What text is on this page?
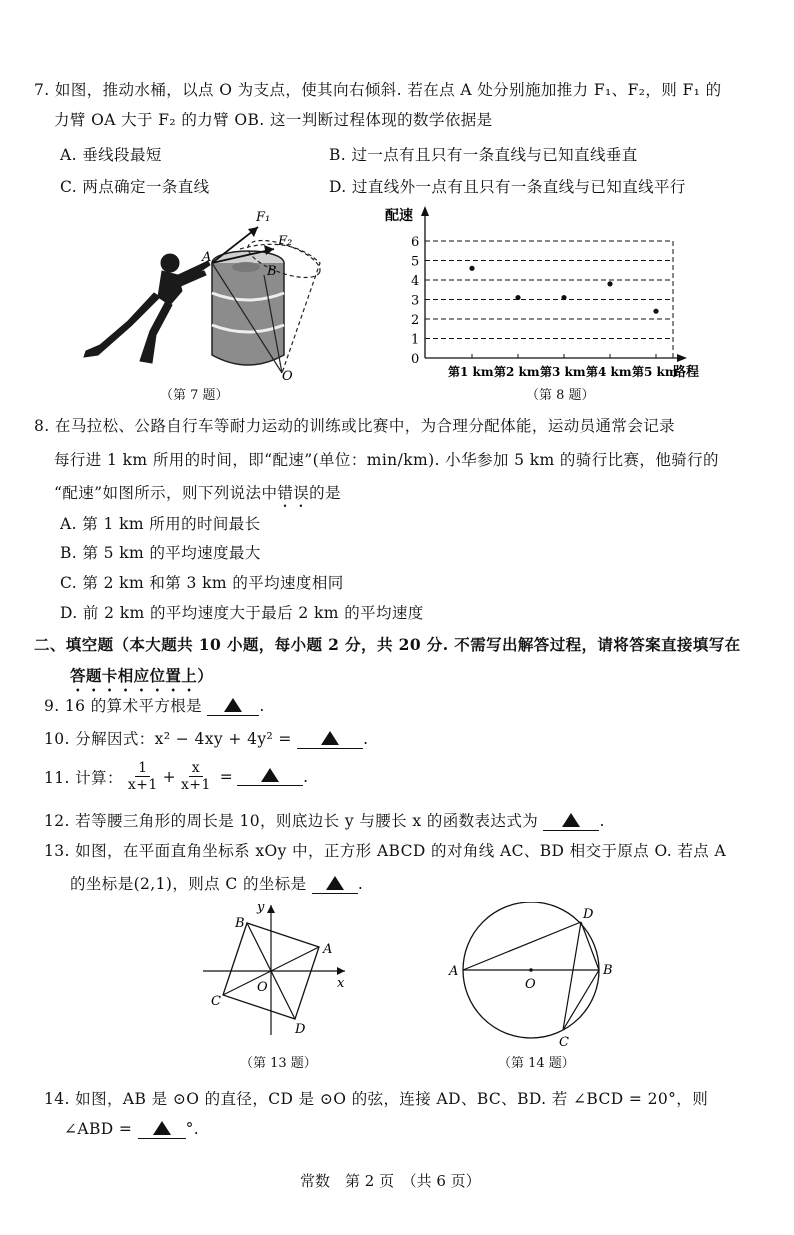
7. 如图，推动水桶，以点 O 为支点，使其向右倾斜. 若在点 A 处分别施加推力 F₁、F₂，则 F₁ 的
力臂 OA 大于 F₂ 的力臂 OB. 这一判断过程体现的数学依据是
A. 垂线段最短	B. 过一点有且只有一条直线与已知直线垂直
C. 两点确定一条直线	D. 过直线外一点有且只有一条直线与已知直线平行
F₁
F₂
A
B
O
（第 7 题）
配速
路程
0
1
2
3
4
5
6
第1 km 第2 km 第3 km 第4 km 第5 km
（第 8 题）
8. 在马拉松、公路自行车等耐力运动的训练或比赛中，为合理分配体能，运动员通常会记录
每行进 1 km 所用的时间，即“配速”(单位：min/km). 小华参加 5 km 的骑行比赛，他骑行的
“配速”如图所示，则下列说法中错误的是
A. 第 1 km 所用的时间最长
B. 第 5 km 的平均速度最大
C. 第 2 km 和第 3 km 的平均速度相同
D. 前 2 km 的平均速度大于最后 2 km 的平均速度
二、填空题（本大题共 10 小题，每小题 2 分，共 20 分. 不需写出解答过程，请将答案直接填写在
答题卡相应位置上）
9. 16 的算术平方根是	.
10. 分解因式：x² − 4xy + 4y² =	.
11. 计算： $\frac{1}{x+1} + \frac{x}{x+1}$ =	.
12. 若等腰三角形的周长是 10，则底边长 y 与腰长 x 的函数表达式为	.
13. 如图，在平面直角坐标系 xOy 中，正方形 ABCD 的对角线 AC、BD 相交于原点 O. 若点 A
的坐标是(2,1)，则点 C 的坐标是	.
x
y
A
B
C
D
O
（第 13 题）
A	B
C
D
O
（第 14 题）
14. 如图，AB 是 ⊙O 的直径，CD 是 ⊙O 的弦，连接 AD、BC、BD. 若 ∠BCD = 20°，则
∠ABD =	°.
常数　第 2 页　（共 6 页）
